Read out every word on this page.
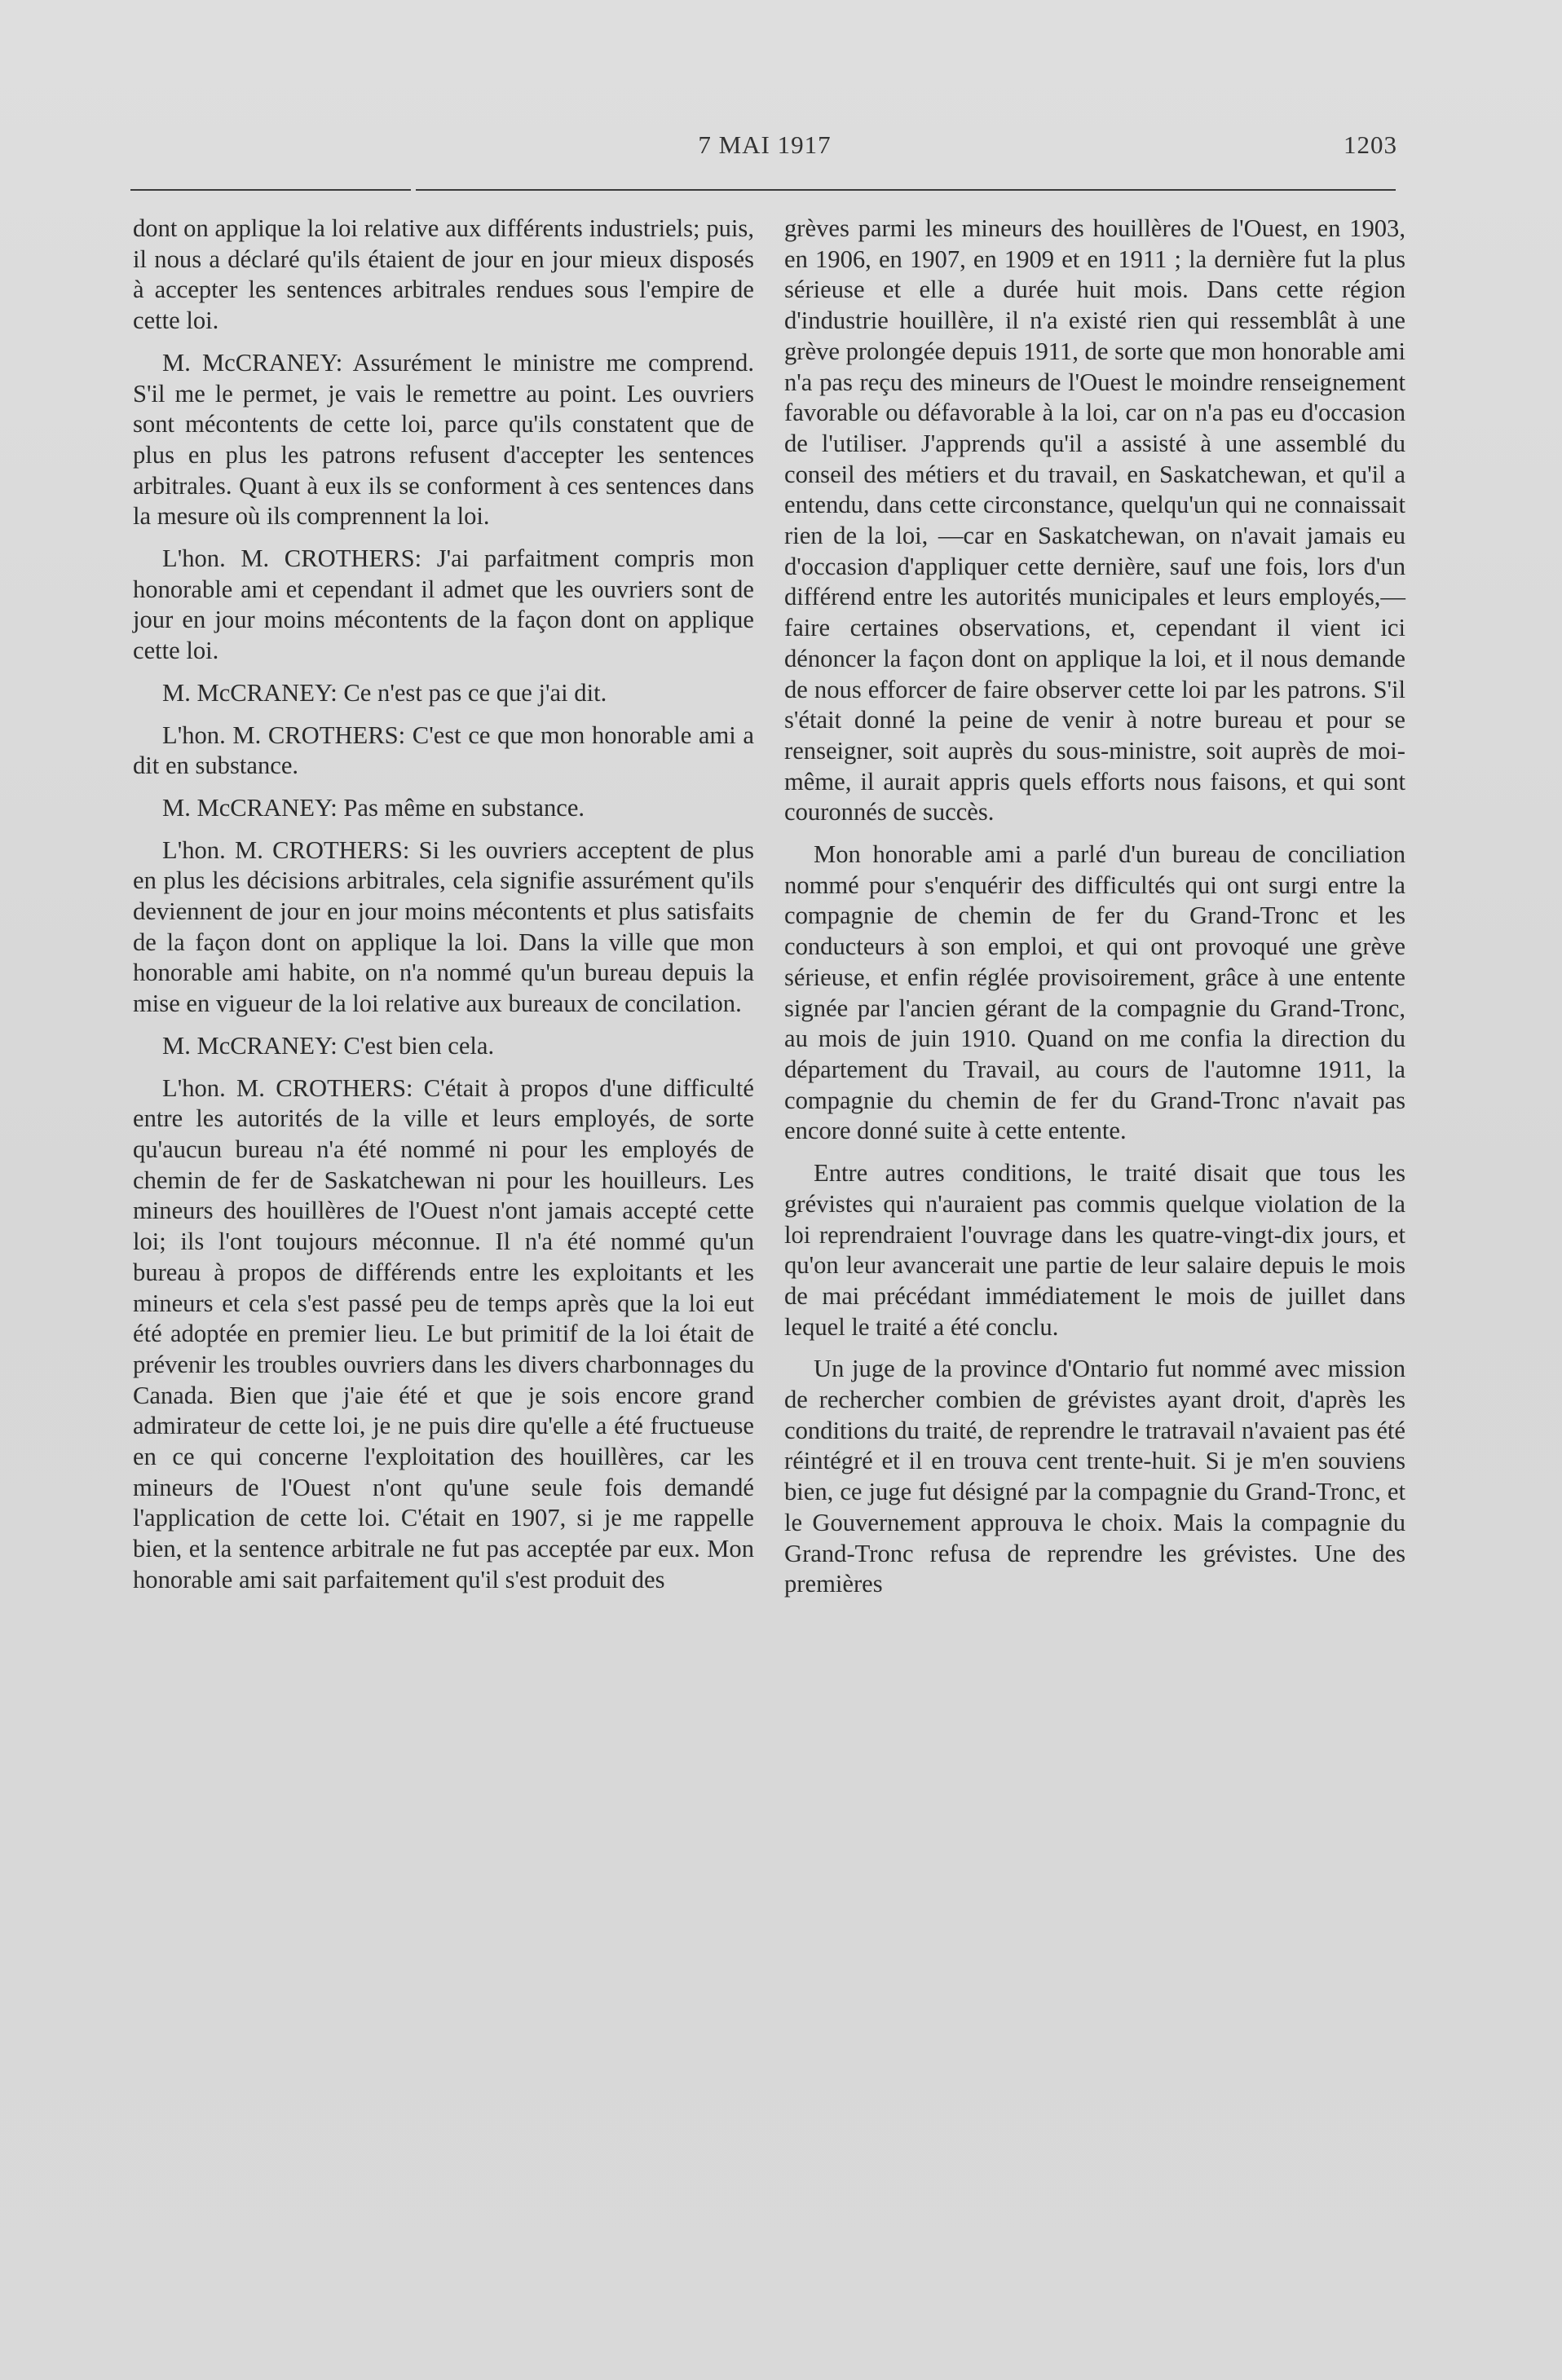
7 MAI 1917	1203

dont on applique la loi relative aux différents industriels; puis, il nous a déclaré qu'ils étaient de jour en jour mieux disposés à accepter les sentences arbitrales rendues sous l'empire de cette loi.

M. McCRANEY: Assurément le ministre me comprend. S'il me le permet, je vais le remettre au point. Les ouvriers sont mécontents de cette loi, parce qu'ils constatent que de plus en plus les patrons refusent d'accepter les sentences arbitrales. Quant à eux ils se conforment à ces sentences dans la mesure où ils comprennent la loi.

L'hon. M. CROTHERS: J'ai parfaitment compris mon honorable ami et cependant il admet que les ouvriers sont de jour en jour moins mécontents de la façon dont on applique cette loi.

M. McCRANEY: Ce n'est pas ce que j'ai dit.

L'hon. M. CROTHERS: C'est ce que mon honorable ami a dit en substance.

M. McCRANEY: Pas même en substance.

L'hon. M. CROTHERS: Si les ouvriers acceptent de plus en plus les décisions arbitrales, cela signifie assurément qu'ils deviennent de jour en jour moins mécontents et plus satisfaits de la façon dont on applique la loi. Dans la ville que mon honorable ami habite, on n'a nommé qu'un bureau depuis la mise en vigueur de la loi relative aux bureaux de concilation.

M. McCRANEY: C'est bien cela.

L'hon. M. CROTHERS: C'était à propos d'une difficulté entre les autorités de la ville et leurs employés, de sorte qu'aucun bureau n'a été nommé ni pour les employés de chemin de fer de Saskatchewan ni pour les houilleurs. Les mineurs des houillères de l'Ouest n'ont jamais accepté cette loi; ils l'ont toujours méconnue. Il n'a été nommé qu'un bureau à propos de différends entre les exploitants et les mineurs et cela s'est passé peu de temps après que la loi eut été adoptée en premier lieu. Le but primitif de la loi était de prévenir les troubles ouvriers dans les divers charbonnages du Canada. Bien que j'aie été et que je sois encore grand admirateur de cette loi, je ne puis dire qu'elle a été fructueuse en ce qui concerne l'exploitation des houillères, car les mineurs de l'Ouest n'ont qu'une seule fois demandé l'application de cette loi. C'était en 1907, si je me rappelle bien, et la sentence arbitrale ne fut pas acceptée par eux. Mon honorable ami sait parfaitement qu'il s'est produit des

grèves parmi les mineurs des houillères de l'Ouest, en 1903, en 1906, en 1907, en 1909 et en 1911 ; la dernière fut la plus sérieuse et elle a durée huit mois. Dans cette région d'industrie houillère, il n'a existé rien qui ressemblât à une grève prolongée depuis 1911, de sorte que mon honorable ami n'a pas reçu des mineurs de l'Ouest le moindre renseignement favorable ou défavorable à la loi, car on n'a pas eu d'occasion de l'utiliser. J'apprends qu'il a assisté à une assemblé du conseil des métiers et du travail, en Saskatchewan, et qu'il a entendu, dans cette circonstance, quelqu'un qui ne connaissait rien de la loi, —car en Saskatchewan, on n'avait jamais eu d'occasion d'appliquer cette dernière, sauf une fois, lors d'un différend entre les autorités municipales et leurs employés,—faire certaines observations, et, cependant il vient ici dénoncer la façon dont on applique la loi, et il nous demande de nous efforcer de faire observer cette loi par les patrons. S'il s'était donné la peine de venir à notre bureau et pour se renseigner, soit auprès du sous-ministre, soit auprès de moi-même, il aurait appris quels efforts nous faisons, et qui sont couronnés de succès.

Mon honorable ami a parlé d'un bureau de conciliation nommé pour s'enquérir des difficultés qui ont surgi entre la compagnie de chemin de fer du Grand-Tronc et les conducteurs à son emploi, et qui ont provoqué une grève sérieuse, et enfin réglée provisoirement, grâce à une entente signée par l'ancien gérant de la compagnie du Grand-Tronc, au mois de juin 1910. Quand on me confia la direction du département du Travail, au cours de l'automne 1911, la compagnie du chemin de fer du Grand-Tronc n'avait pas encore donné suite à cette entente.

Entre autres conditions, le traité disait que tous les grévistes qui n'auraient pas commis quelque violation de la loi reprendraient l'ouvrage dans les quatre-vingt-dix jours, et qu'on leur avancerait une partie de leur salaire depuis le mois de mai précédant immédiatement le mois de juillet dans lequel le traité a été conclu.

Un juge de la province d'Ontario fut nommé avec mission de rechercher combien de grévistes ayant droit, d'après les conditions du traité, de reprendre le tratravail n'avaient pas été réintégré et il en trouva cent trente-huit. Si je m'en souviens bien, ce juge fut désigné par la compagnie du Grand-Tronc, et le Gouvernement approuva le choix. Mais la compagnie du Grand-Tronc refusa de reprendre les grévistes. Une des premières
